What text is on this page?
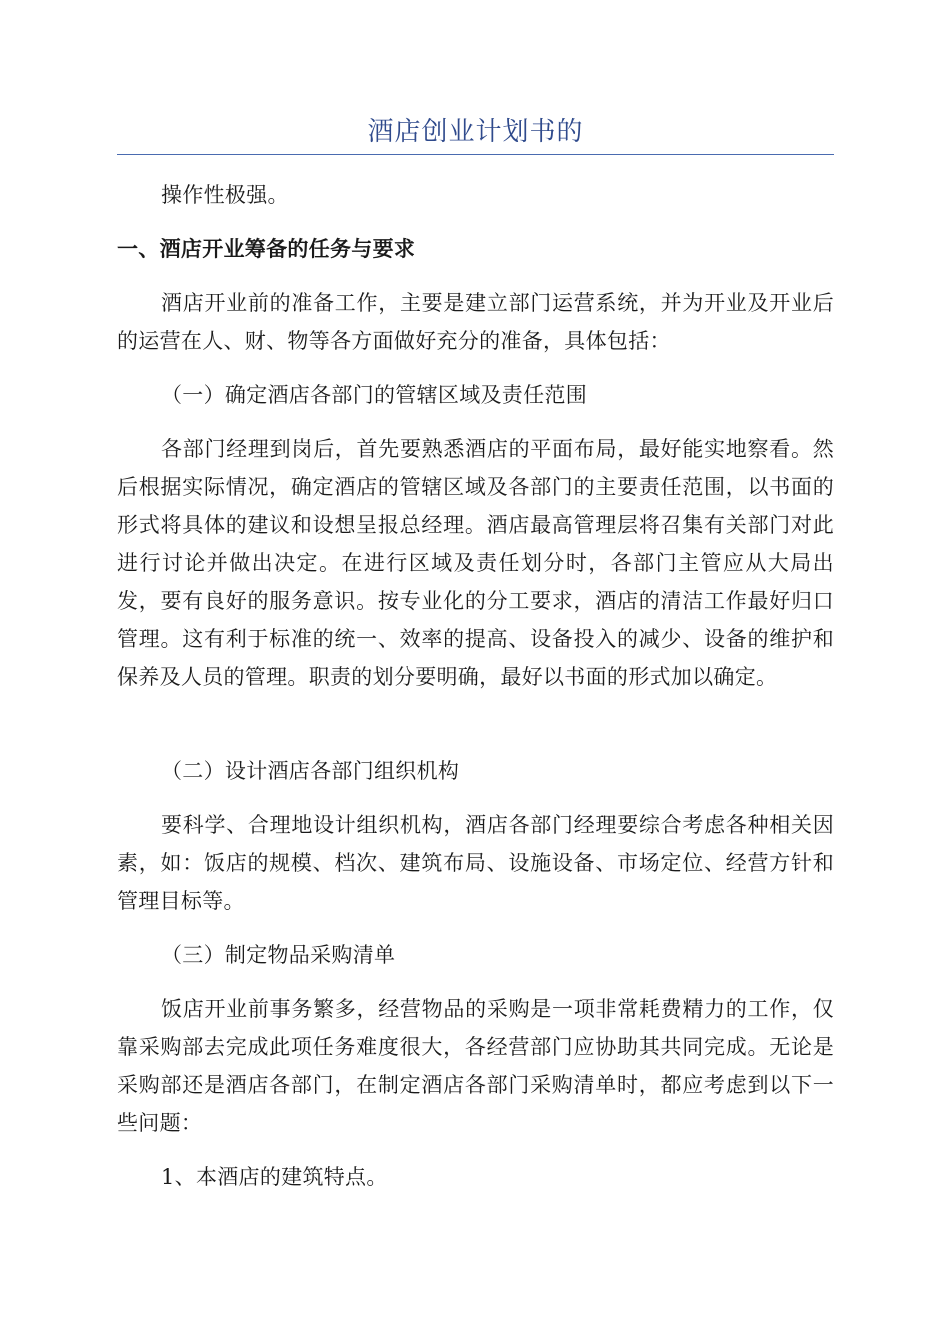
酒店创业计划书的

操作性极强。

一、酒店开业筹备的任务与要求

酒店开业前的准备工作，主要是建立部门运营系统，并为开业及开业后的运营在人、财、物等各方面做好充分的准备，具体包括：

（一）确定酒店各部门的管辖区域及责任范围

各部门经理到岗后，首先要熟悉酒店的平面布局，最好能实地察看。然后根据实际情况，确定酒店的管辖区域及各部门的主要责任范围，以书面的形式将具体的建议和设想呈报总经理。酒店最高管理层将召集有关部门对此进行讨论并做出决定。在进行区域及责任划分时，各部门主管应从大局出发，要有良好的服务意识。按专业化的分工要求，酒店的清洁工作最好归口管理。这有利于标准的统一、效率的提高、设备投入的减少、设备的维护和保养及人员的管理。职责的划分要明确，最好以书面的形式加以确定。

（二）设计酒店各部门组织机构

要科学、合理地设计组织机构，酒店各部门经理要综合考虑各种相关因素，如：饭店的规模、档次、建筑布局、设施设备、市场定位、经营方针和管理目标等。

（三）制定物品采购清单

饭店开业前事务繁多，经营物品的采购是一项非常耗费精力的工作，仅靠采购部去完成此项任务难度很大，各经营部门应协助其共同完成。无论是采购部还是酒店各部门，在制定酒店各部门采购清单时，都应考虑到以下一些问题：

1、本酒店的建筑特点。
